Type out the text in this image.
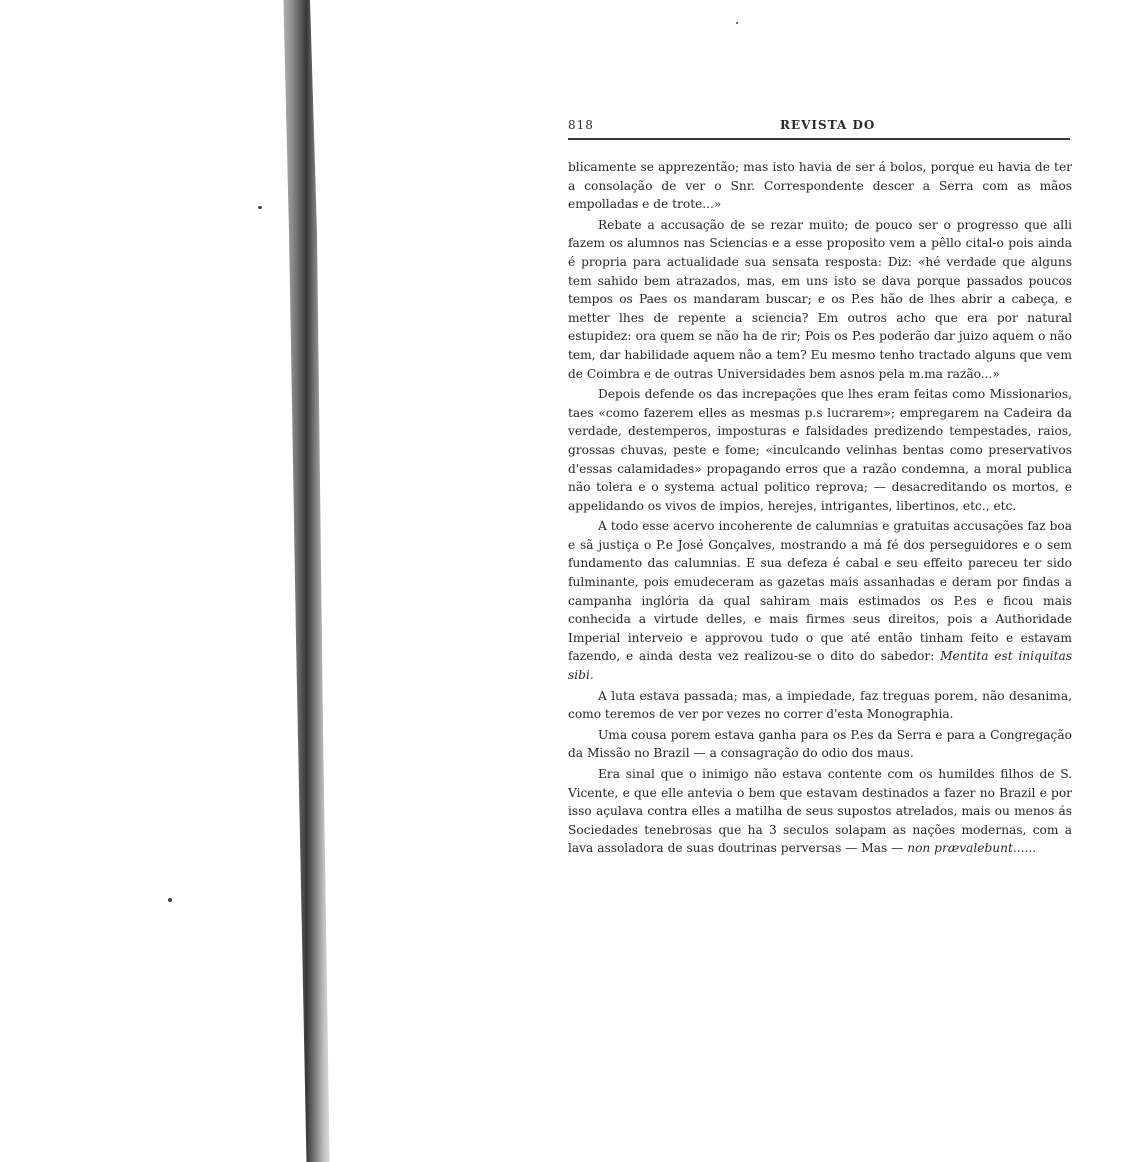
818	REVISTA DO

blicamente se apprezentão; mas isto havia de ser á bolos, porque eu havia de ter a consolação de ver o Snr. Correspondente descer a Serra com as mãos empolladas e de trote...»

Rebate a accusação de se rezar muito; de pouco ser o progresso que alli fazem os alumnos nas Sciencias e a esse proposito vem a pêllo cital-o pois ainda é propria para actualidade sua sensata resposta: Diz: «hé verdade que alguns tem sahido bem atrazados, mas, em uns isto se dava porque passados poucos tempos os Paes os mandaram buscar; e os P.es hão de lhes abrir a cabeça, e metter lhes de repente a sciencia? Em outros acho que era por natural estupidez: ora quem se não ha de rir; Pois os P.es poderão dar juizo aquem o não tem, dar habilidade aquem não a tem? Eu mesmo tenho tractado alguns que vem de Coimbra e de outras Universidades bem asnos pela m.ma razão...»

Depois defende os das increpações que lhes eram feitas como Missionarios, taes «como fazerem elles as mesmas p.s lucrarem»; empregarem na Cadeira da verdade, destemperos, imposturas e falsidades predizendo tempestades, raios, grossas chuvas, peste e fome; «inculcando velinhas bentas como preservativos d'essas calamidades» propagando erros que a razão condemna, a moral publica não tolera e o systema actual politico reprova; — desacreditando os mortos, e appelidando os vivos de impios, herejes, intrigantes, libertinos, etc., etc.

A todo esse acervo incoherente de calumnias e gratuitas accusações faz boa e sã justiça o P.e José Gonçalves, mostrando a má fé dos perseguidores e o sem fundamento das calumnias. E sua defeza é cabal e seu effeito pareceu ter sido fulminante, pois emudeceram as gazetas mais assanhadas e deram por findas a campanha inglória da qual sahiram mais estimados os P.es e ficou mais conhecida a virtude delles, e mais firmes seus direitos, pois a Authoridade Imperial interveio e approvou tudo o que até então tinham feito e estavam fazendo, e ainda desta vez realizou-se o dito do sabedor: Mentita est iniquitas sibi.

A luta estava passada; mas, a impiedade, faz treguas porem, não desanima, como teremos de ver por vezes no correr d'esta Monographia.

Uma cousa porem estava ganha para os P.es da Serra e para a Congregação da Missão no Brazil — a consagração do odio dos maus.

Era sinal que o inimigo não estava contente com os humildes filhos de S. Vicente, e que elle antevia o bem que estavam destinados a fazer no Brazil e por isso açulava contra elles a matilha de seus supostos atrelados, mais ou menos ás Sociedades tenebrosas que ha 3 seculos solapam as nações modernas, com a lava assoladora de suas doutrinas perversas — Mas — non prævalebunt......
